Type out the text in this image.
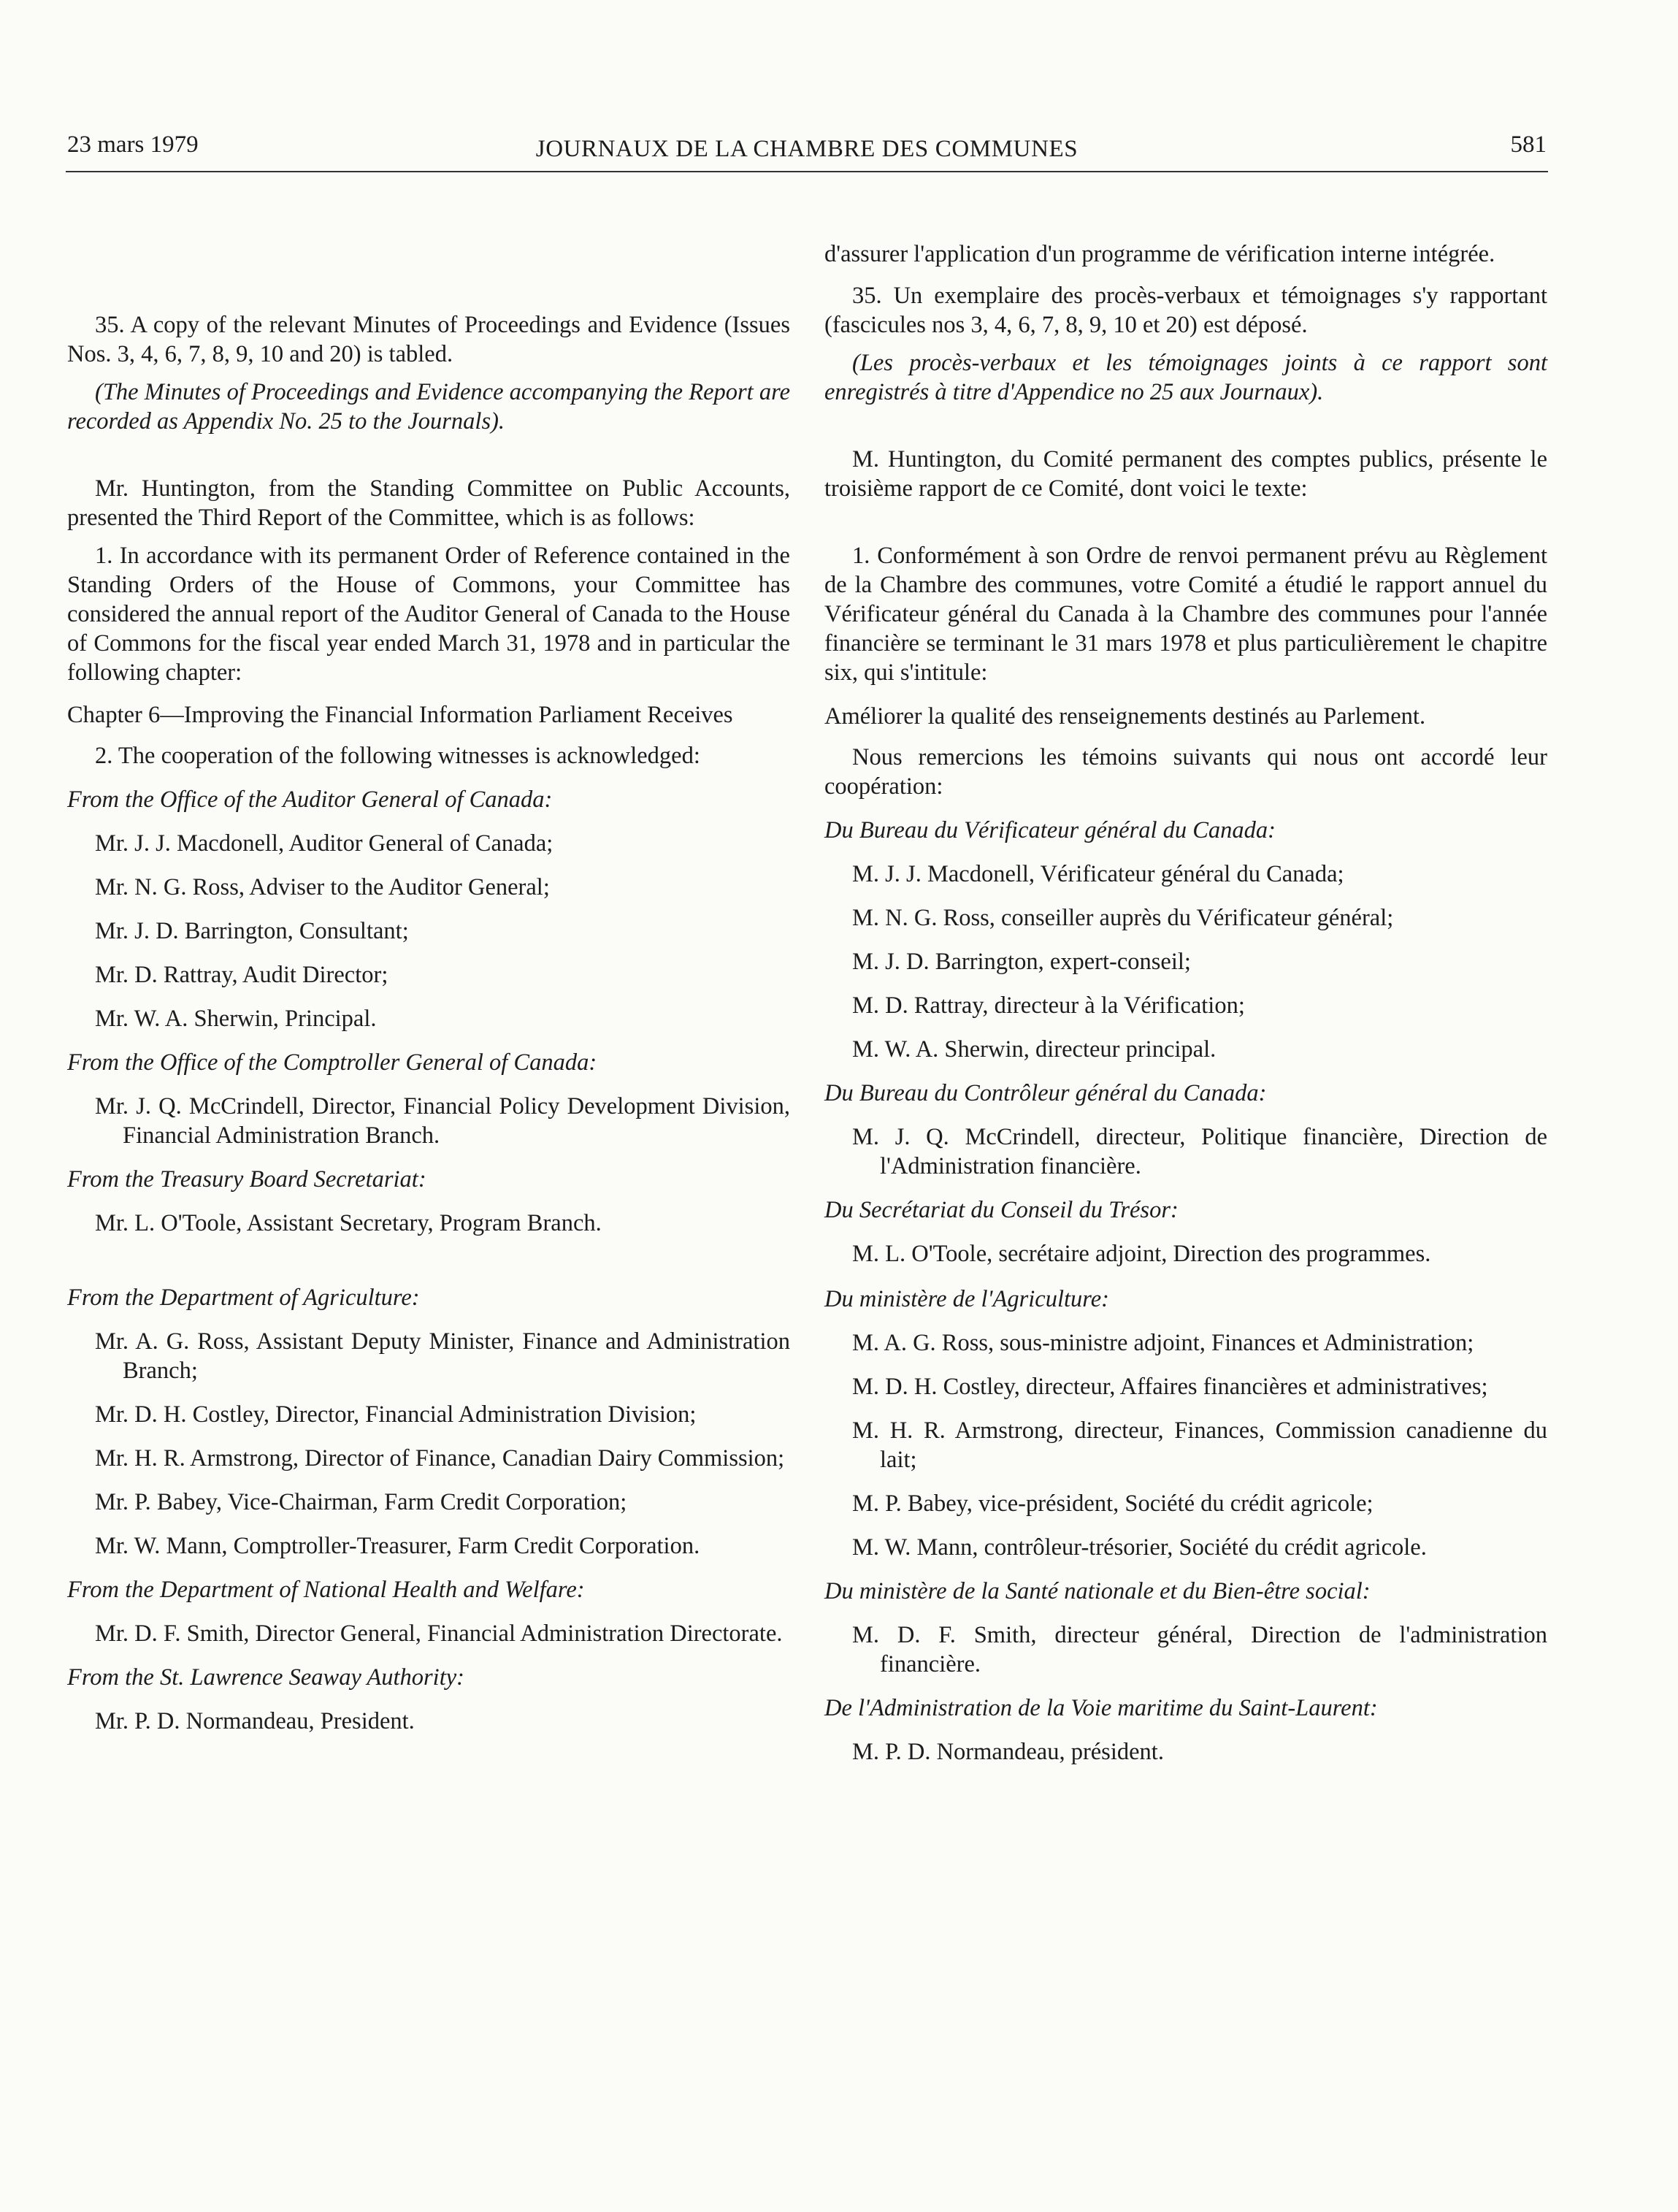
23 mars 1979	JOURNAUX DE LA CHAMBRE DES COMMUNES	581

35. A copy of the relevant Minutes of Proceedings and Evidence (Issues Nos. 3, 4, 6, 7, 8, 9, 10 and 20) is tabled.

(The Minutes of Proceedings and Evidence accompanying the Report are recorded as Appendix No. 25 to the Journals).

Mr. Huntington, from the Standing Committee on Public Accounts, presented the Third Report of the Committee, which is as follows:

1. In accordance with its permanent Order of Reference contained in the Standing Orders of the House of Commons, your Committee has considered the annual report of the Auditor General of Canada to the House of Commons for the fiscal year ended March 31, 1978 and in particular the following chapter:

Chapter 6—Improving the Financial Information Parliament Receives

2. The cooperation of the following witnesses is acknowledged:

From the Office of the Auditor General of Canada:

Mr. J. J. Macdonell, Auditor General of Canada;

Mr. N. G. Ross, Adviser to the Auditor General;

Mr. J. D. Barrington, Consultant;

Mr. D. Rattray, Audit Director;

Mr. W. A. Sherwin, Principal.

From the Office of the Comptroller General of Canada:

Mr. J. Q. McCrindell, Director, Financial Policy Development Division, Financial Administration Branch.

From the Treasury Board Secretariat:

Mr. L. O'Toole, Assistant Secretary, Program Branch.

From the Department of Agriculture:

Mr. A. G. Ross, Assistant Deputy Minister, Finance and Administration Branch;

Mr. D. H. Costley, Director, Financial Administration Division;

Mr. H. R. Armstrong, Director of Finance, Canadian Dairy Commission;

Mr. P. Babey, Vice-Chairman, Farm Credit Corporation;

Mr. W. Mann, Comptroller-Treasurer, Farm Credit Corporation.

From the Department of National Health and Welfare:

Mr. D. F. Smith, Director General, Financial Administration Directorate.

From the St. Lawrence Seaway Authority:

Mr. P. D. Normandeau, President.

d'assurer l'application d'un programme de vérification interne intégrée.

35. Un exemplaire des procès-verbaux et témoignages s'y rapportant (fascicules nos 3, 4, 6, 7, 8, 9, 10 et 20) est déposé.

(Les procès-verbaux et les témoignages joints à ce rapport sont enregistrés à titre d'Appendice no 25 aux Journaux).

M. Huntington, du Comité permanent des comptes publics, présente le troisième rapport de ce Comité, dont voici le texte:

1. Conformément à son Ordre de renvoi permanent prévu au Règlement de la Chambre des communes, votre Comité a étudié le rapport annuel du Vérificateur général du Canada à la Chambre des communes pour l'année financière se terminant le 31 mars 1978 et plus particulièrement le chapitre six, qui s'intitule:

Améliorer la qualité des renseignements destinés au Parlement.

Nous remercions les témoins suivants qui nous ont accordé leur coopération:

Du Bureau du Vérificateur général du Canada:

M. J. J. Macdonell, Vérificateur général du Canada;

M. N. G. Ross, conseiller auprès du Vérificateur général;

M. J. D. Barrington, expert-conseil;

M. D. Rattray, directeur à la Vérification;

M. W. A. Sherwin, directeur principal.

Du Bureau du Contrôleur général du Canada:

M. J. Q. McCrindell, directeur, Politique financière, Direction de l'Administration financière.

Du Secrétariat du Conseil du Trésor:

M. L. O'Toole, secrétaire adjoint, Direction des programmes.

Du ministère de l'Agriculture:

M. A. G. Ross, sous-ministre adjoint, Finances et Administration;

M. D. H. Costley, directeur, Affaires financières et administratives;

M. H. R. Armstrong, directeur, Finances, Commission canadienne du lait;

M. P. Babey, vice-président, Société du crédit agricole;

M. W. Mann, contrôleur-trésorier, Société du crédit agricole.

Du ministère de la Santé nationale et du Bien-être social:

M. D. F. Smith, directeur général, Direction de l'administration financière.

De l'Administration de la Voie maritime du Saint-Laurent:

M. P. D. Normandeau, président.
